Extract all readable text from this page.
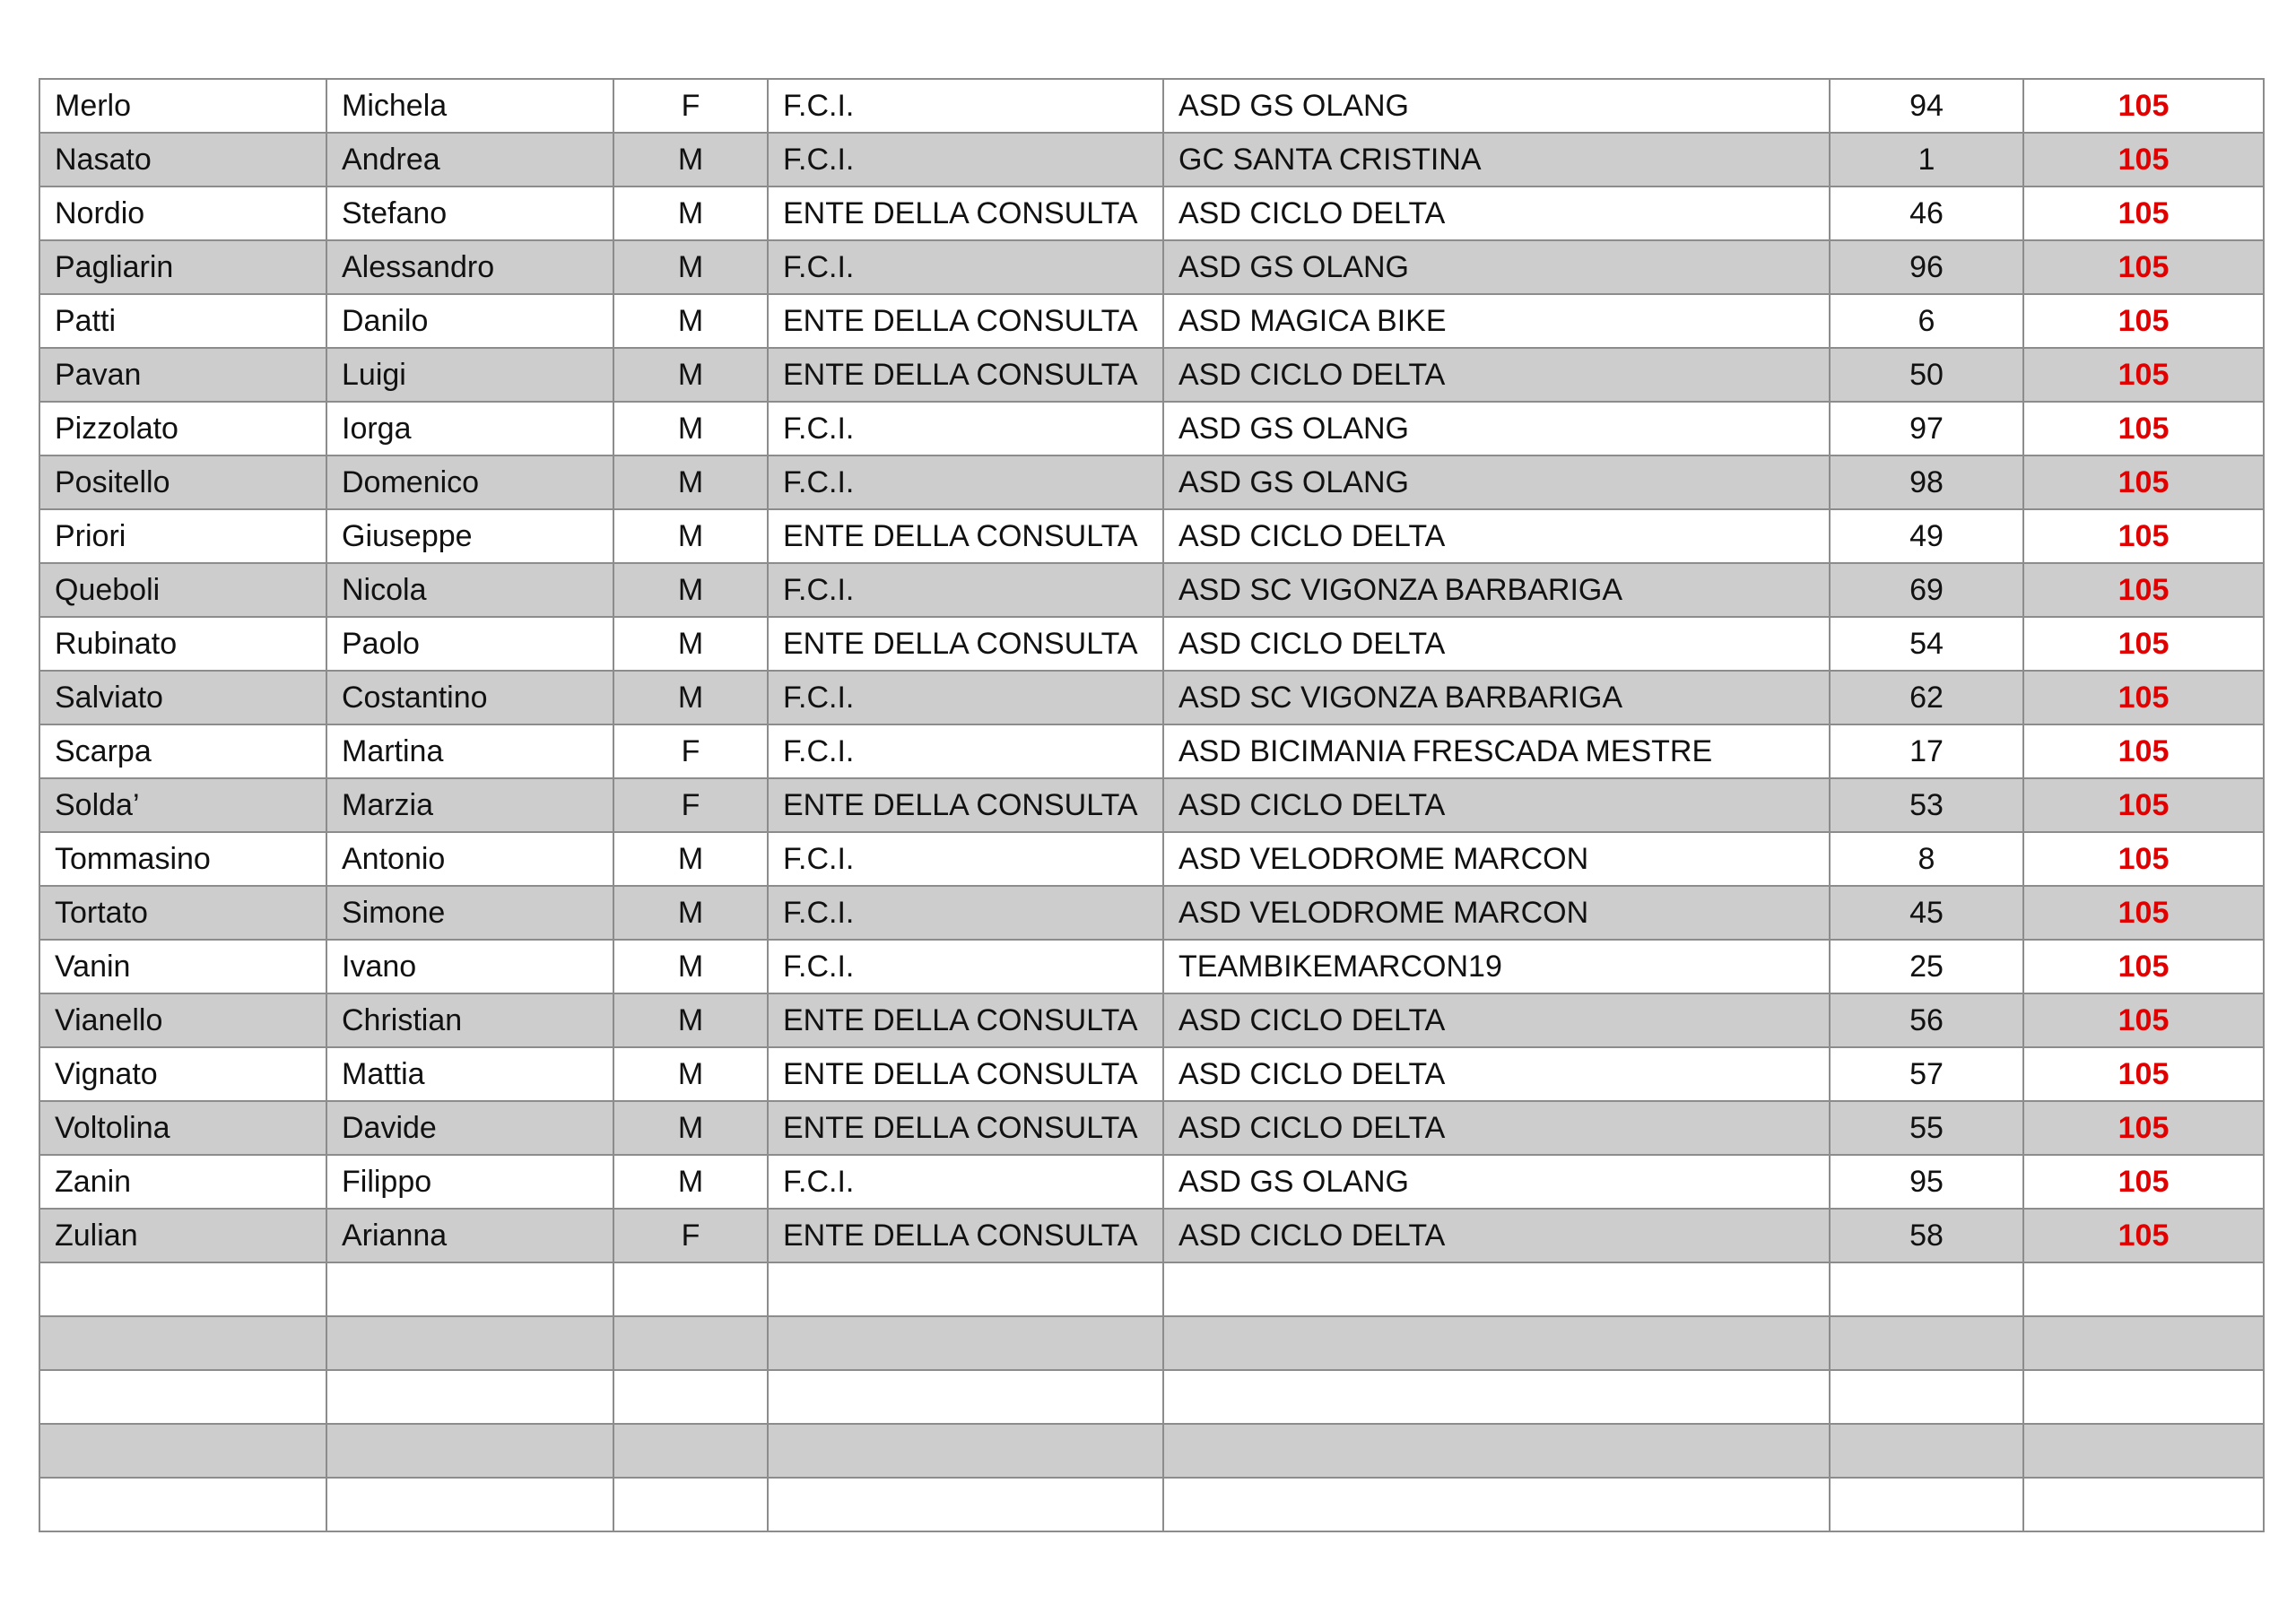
Merlo	Michela	F	F.C.I.	ASD GS OLANG	94	105
Nasato	Andrea	M	F.C.I.	GC SANTA CRISTINA	1	105
Nordio	Stefano	M	ENTE DELLA CONSULTA	ASD CICLO DELTA	46	105
Pagliarin	Alessandro	M	F.C.I.	ASD GS OLANG	96	105
Patti	Danilo	M	ENTE DELLA CONSULTA	ASD MAGICA BIKE	6	105
Pavan	Luigi	M	ENTE DELLA CONSULTA	ASD CICLO DELTA	50	105
Pizzolato	Iorga	M	F.C.I.	ASD GS OLANG	97	105
Positello	Domenico	M	F.C.I.	ASD GS OLANG	98	105
Priori	Giuseppe	M	ENTE DELLA CONSULTA	ASD CICLO DELTA	49	105
Queboli	Nicola	M	F.C.I.	ASD SC VIGONZA BARBARIGA	69	105
Rubinato	Paolo	M	ENTE DELLA CONSULTA	ASD CICLO DELTA	54	105
Salviato	Costantino	M	F.C.I.	ASD SC VIGONZA BARBARIGA	62	105
Scarpa	Martina	F	F.C.I.	ASD BICIMANIA FRESCADA MESTRE	17	105
Solda’	Marzia	F	ENTE DELLA CONSULTA	ASD CICLO DELTA	53	105
Tommasino	Antonio	M	F.C.I.	ASD VELODROME MARCON	8	105
Tortato	Simone	M	F.C.I.	ASD VELODROME MARCON	45	105
Vanin	Ivano	M	F.C.I.	TEAMBIKEMARCON19	25	105
Vianello	Christian	M	ENTE DELLA CONSULTA	ASD CICLO DELTA	56	105
Vignato	Mattia	M	ENTE DELLA CONSULTA	ASD CICLO DELTA	57	105
Voltolina	Davide	M	ENTE DELLA CONSULTA	ASD CICLO DELTA	55	105
Zanin	Filippo	M	F.C.I.	ASD GS OLANG	95	105
Zulian	Arianna	F	ENTE DELLA CONSULTA	ASD CICLO DELTA	58	105
